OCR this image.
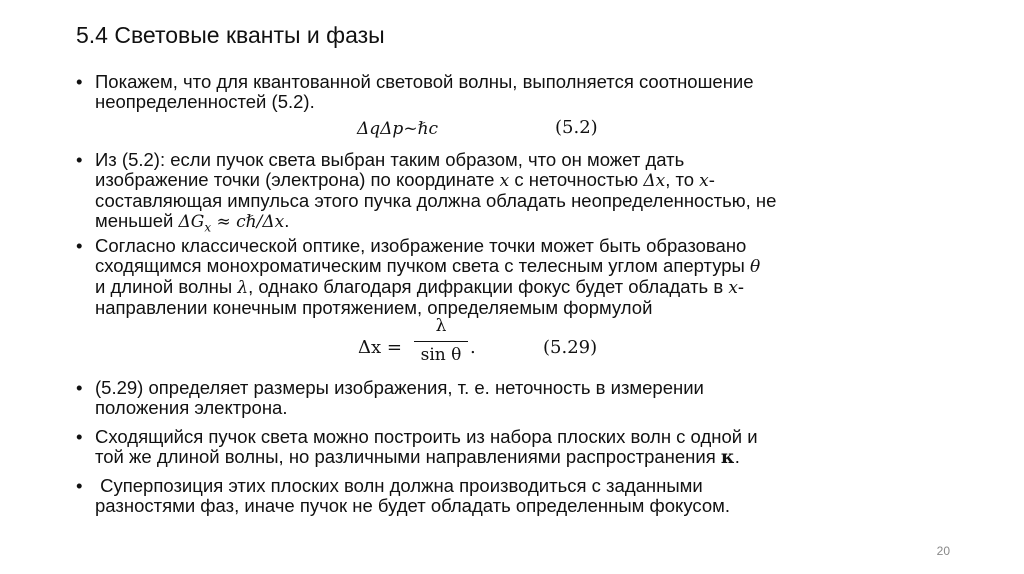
5.4 Световые кванты и фазы
• Покажем, что для квантованной световой волны, выполняется соотношение
неопределенностей (5.2).
ΔqΔp~ℏc	(5.2)
• Из (5.2): если пучок света выбран таким образом, что он может дать
изображение точки (электрона) по координате x с неточностью Δx, то x-
составляющая импульса этого пучка должна обладать неопределенностью, не
меньшей $\Delta G_x$ ≈ cℏ/Δx.
• Согласно классической оптике, изображение точки может быть образовано
сходящимся монохроматическим пучком света с телесным углом апертуры θ
и длиной волны λ, однако благодаря дифракции фокус будет обладать в x-
направлении конечным протяжением, определяемым формулой
Δx =
λ
sin θ .	(5.29)
• (5.29) определяет размеры изображения, т. е. неточность в измерении
положения электрона.
• Сходящийся пучок света можно построить из набора плоских волн с одной и
той же длиной волны, но различными направлениями распространения κ.
• Суперпозиция этих плоских волн должна производиться с заданными
разностями фаз, иначе пучок не будет обладать определенным фокусом.
20
